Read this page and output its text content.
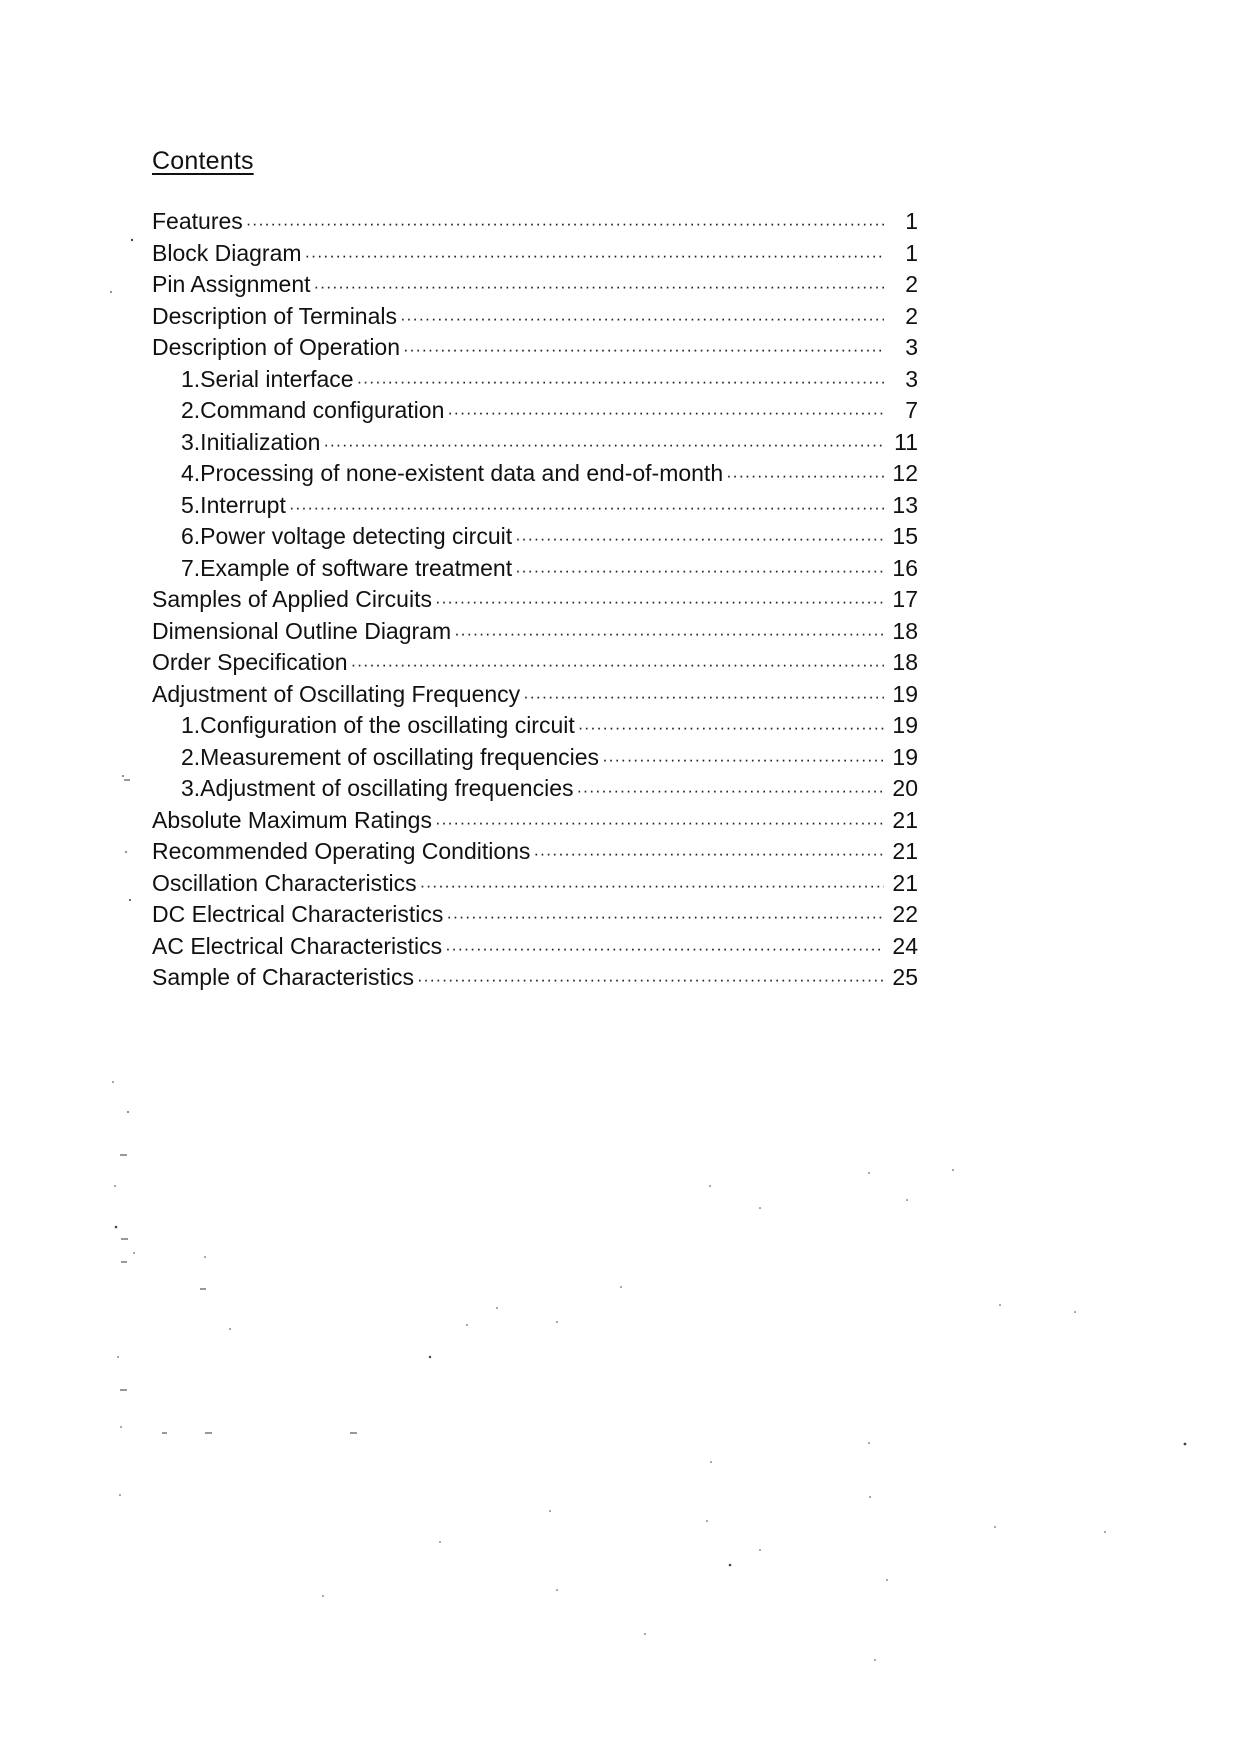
Contents
Features ·····	1
Block Diagram ·····	1
Pin Assignment ·····	2
Description of Terminals ·····	2
Description of Operation ·····	3
1.Serial interface ·····	3
2.Command configuration ·····	7
3.Initialization ·····	11
4.Processing of none-existent data and end-of-month ·····	12
5.Interrupt ·····	13
6.Power voltage detecting circuit ·····	15
7.Example of software treatment ·····	16
Samples of Applied Circuits ·····	17
Dimensional Outline Diagram ·····	18
Order Specification ·····	18
Adjustment of Oscillating Frequency ·····	19
1.Configuration of the oscillating circuit ·····	19
2.Measurement of oscillating frequencies ·····	19
3.Adjustment of oscillating frequencies ·····	20
Absolute Maximum Ratings ·····	21
Recommended Operating Conditions ·····	21
Oscillation Characteristics ·····	21
DC Electrical Characteristics ·····	22
AC Electrical Characteristics ·····	24
Sample of Characteristics ·····	25
